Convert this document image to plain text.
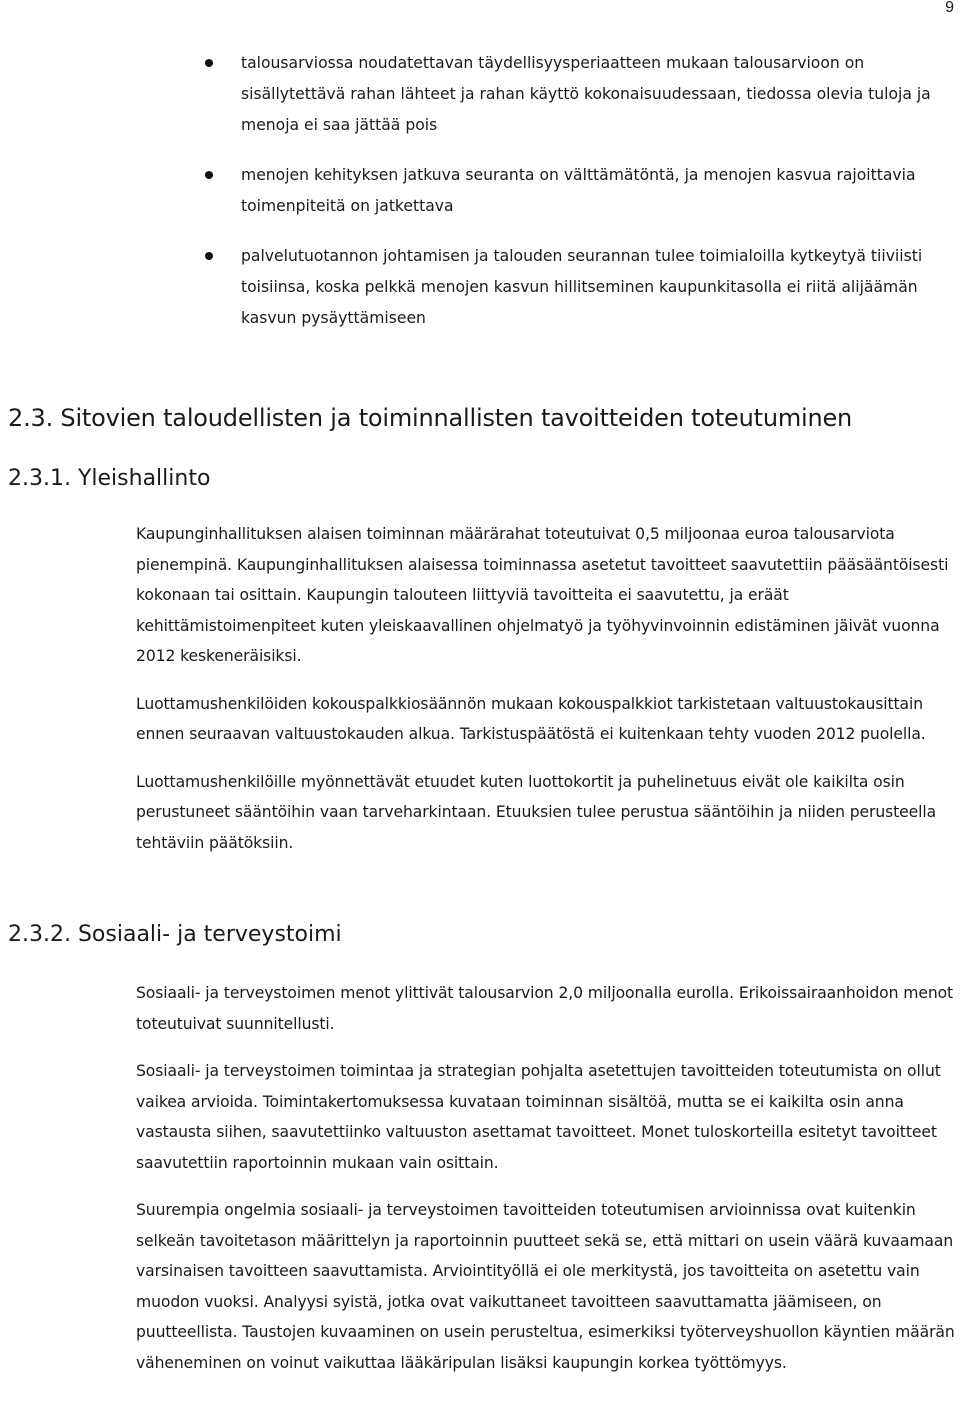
9
talousarviossa noudatettavan täydellisyysperiaatteen mukaan talousarvioon on sisällytettävä rahan lähteet ja rahan käyttö kokonaisuudessaan, tiedossa olevia tuloja ja menoja ei saa jättää pois
menojen kehityksen jatkuva seuranta on välttämätöntä, ja menojen kasvua rajoittavia toimenpiteitä on jatkettava
palvelutuotannon johtamisen ja talouden seurannan tulee toimialoilla kytkeytyä tiiviisti toisiinsa, koska pelkkä menojen kasvun hillitseminen kaupunkitasolla ei riitä alijäämän kasvun pysäyttämiseen
2.3. Sitovien taloudellisten ja toiminnallisten tavoitteiden toteutuminen
2.3.1. Yleishallinto

Kaupunginhallituksen alaisen toiminnan määrärahat toteutuivat 0,5 miljoonaa euroa talousarviota pienempinä. Kaupunginhallituksen alaisessa toiminnassa asetetut tavoitteet saavutettiin pääsääntöisesti kokonaan tai osittain. Kaupungin talouteen liittyviä tavoitteita ei saavutettu, ja eräät kehittämistoimenpiteet kuten yleiskaavallinen ohjelmatyö ja työhyvinvoinnin edistäminen jäivät vuonna 2012 keskeneräisiksi.

Luottamushenkilöiden kokouspalkkiosäännön mukaan kokouspalkkiot tarkistetaan valtuustokausittain ennen seuraavan valtuustokauden alkua. Tarkistuspäätöstä ei kuitenkaan tehty vuoden 2012 puolella.

Luottamushenkilöille myönnettävät etuudet kuten luottokortit ja puhelinetuus eivät ole kaikilta osin perustuneet sääntöihin vaan tarveharkintaan. Etuuksien tulee perustua sääntöihin ja niiden perusteella tehtäviin päätöksiin.

2.3.2. Sosiaali- ja terveystoimi

Sosiaali- ja terveystoimen menot ylittivät talousarvion 2,0 miljoonalla eurolla. Erikoissairaanhoidon menot toteutuivat suunnitellusti.

Sosiaali- ja terveystoimen toimintaa ja strategian pohjalta asetettujen tavoitteiden toteutumista on ollut vaikea arvioida. Toimintakertomuksessa kuvataan toiminnan sisältöä, mutta se ei kaikilta osin anna vastausta siihen, saavutettiinko valtuuston asettamat tavoitteet. Monet tuloskorteilla esitetyt tavoitteet saavutettiin raportoinnin mukaan vain osittain.

Suurempia ongelmia sosiaali- ja terveystoimen tavoitteiden toteutumisen arvioinnissa ovat kuitenkin selkeän tavoitetason määrittelyn ja raportoinnin puutteet sekä se, että mittari on usein väärä kuvaamaan varsinaisen tavoitteen saavuttamista. Arviointityöllä ei ole merkitystä, jos tavoitteita on asetettu vain muodon vuoksi. Analyysi syistä, jotka ovat vaikuttaneet tavoitteen saavuttamatta jäämiseen, on puutteellista. Taustojen kuvaaminen on usein perusteltua, esimerkiksi työterveyshuollon käyntien määrän väheneminen on voinut vaikuttaa lääkäripulan lisäksi kaupungin korkea työttömyys.
